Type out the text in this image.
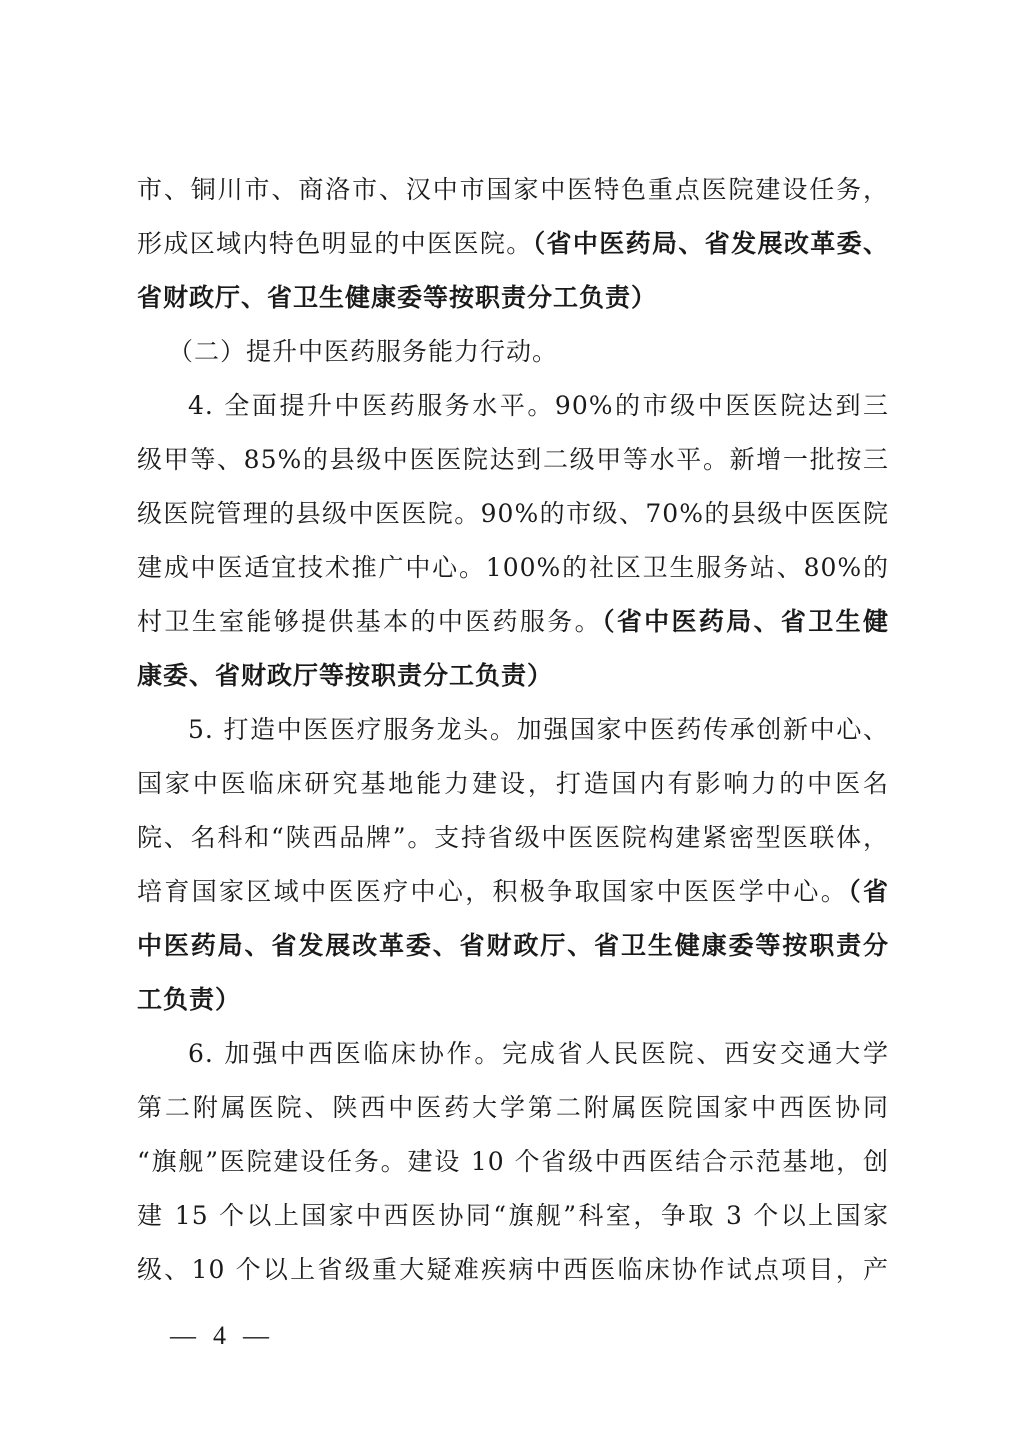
市、铜川市、商洛市、汉中市国家中医特色重点医院建设任务，
形成区域内特色明显的中医医院。（省中医药局、省发展改革委、
省财政厅、省卫生健康委等按职责分工负责）
（二）提升中医药服务能力行动。
4. 全面提升中医药服务水平。90%的市级中医医院达到三
级甲等、85%的县级中医医院达到二级甲等水平。新增一批按三
级医院管理的县级中医医院。90%的市级、70%的县级中医医院
建成中医适宜技术推广中心。100%的社区卫生服务站、80%的
村卫生室能够提供基本的中医药服务。（省中医药局、省卫生健
康委、省财政厅等按职责分工负责）
5. 打造中医医疗服务龙头。加强国家中医药传承创新中心、
国家中医临床研究基地能力建设，打造国内有影响力的中医名
院、名科和“陕西品牌”。支持省级中医医院构建紧密型医联体，
培育国家区域中医医疗中心，积极争取国家中医医学中心。（省
中医药局、省发展改革委、省财政厅、省卫生健康委等按职责分
工负责）
6. 加强中西医临床协作。完成省人民医院、西安交通大学
第二附属医院、陕西中医药大学第二附属医院国家中西医协同
“旗舰”医院建设任务。建设 10 个省级中西医结合示范基地，创
建 15 个以上国家中西医协同“旗舰”科室，争取 3 个以上国家
级、10 个以上省级重大疑难疾病中西医临床协作试点项目，产
— 4 —
